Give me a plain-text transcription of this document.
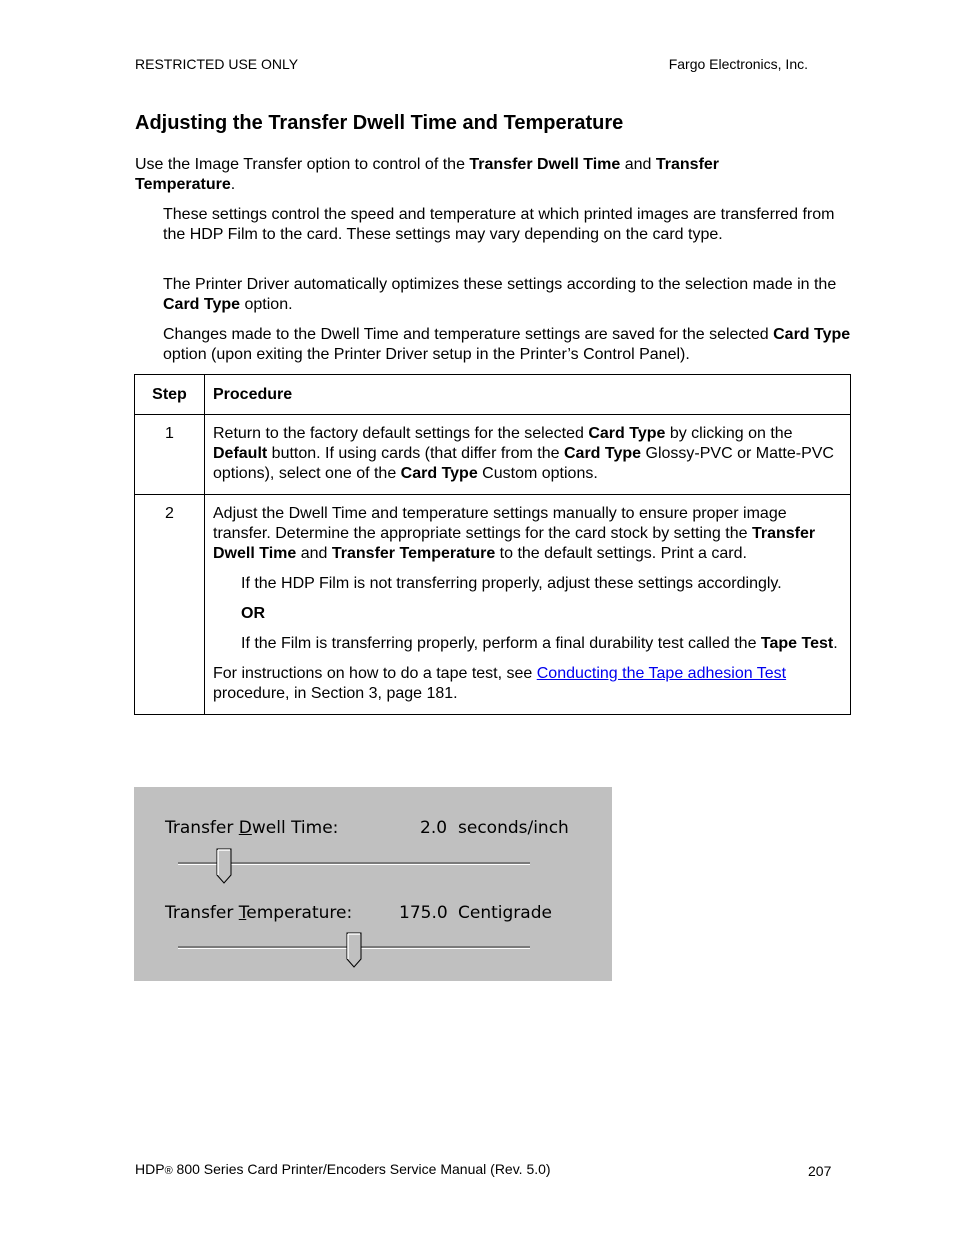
RESTRICTED USE ONLY	Fargo Electronics, Inc.
Adjusting the Transfer Dwell Time and Temperature
Use the Image Transfer option to control of the Transfer Dwell Time and Transfer Temperature.
These settings control the speed and temperature at which printed images are transferred from the HDP Film to the card. These settings may vary depending on the card type.
The Printer Driver automatically optimizes these settings according to the selection made in the Card Type option.
Changes made to the Dwell Time and temperature settings are saved for the selected Card Type option (upon exiting the Printer Driver setup in the Printer’s Control Panel).
Step	Procedure
1	Return to the factory default settings for the selected Card Type by clicking on the Default button. If using cards (that differ from the Card Type Glossy-PVC or Matte-PVC options), select one of the Card Type Custom options.
2	Adjust the Dwell Time and temperature settings manually to ensure proper image transfer. Determine the appropriate settings for the card stock by setting the Transfer Dwell Time and Transfer Temperature to the default settings. Print a card.
If the HDP Film is not transferring properly, adjust these settings accordingly.
OR
If the Film is transferring properly, perform a final durability test called the Tape Test.
For instructions on how to do a tape test, see Conducting the Tape adhesion Test procedure, in Section 3, page 181.
Transfer Dwell Time:	2.0 seconds/inch
Transfer Temperature:	175.0 Centigrade
HDP® 800 Series Card Printer/Encoders Service Manual (Rev. 5.0)	207
